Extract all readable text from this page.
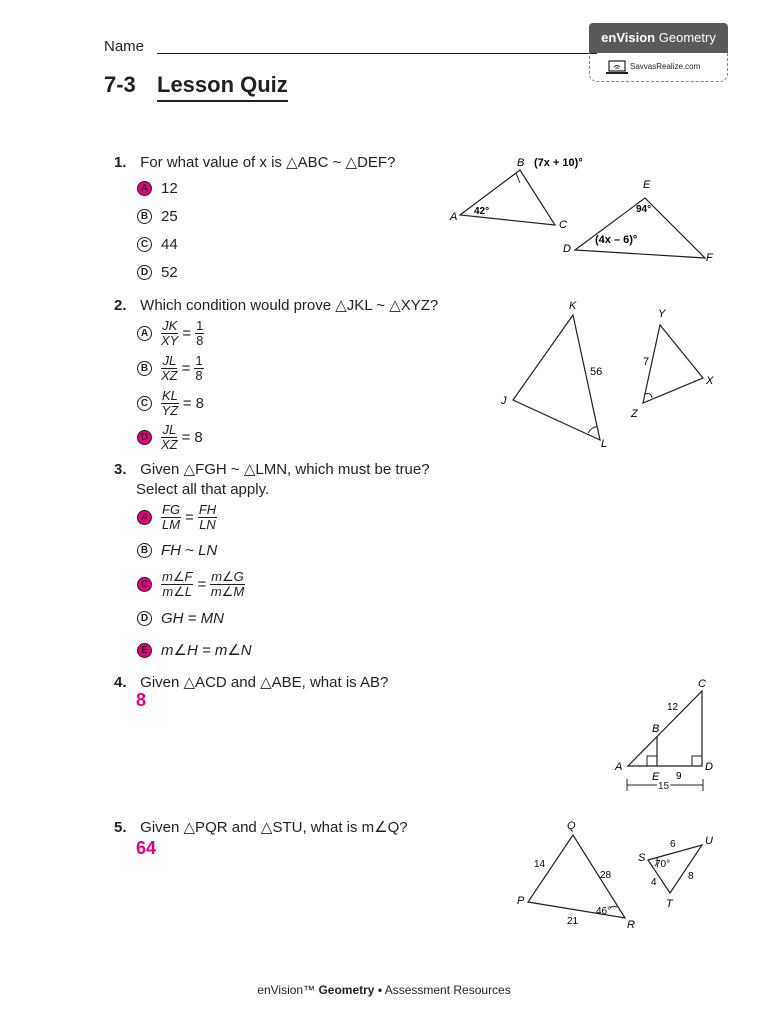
Name
enVision Geometry
SavvasRealize.com
7-3 Lesson Quiz
1. For what value of x is △ABC ~ △DEF?
A 12
B 25
C 44
D 52
B (7x + 10)°
A 42°
C
E
94°
D
(4x – 6)°
F
2. Which condition would prove △JKL ~ △XYZ?
A $\frac{JK}{XY} = \frac{1}{8}$
B $\frac{JL}{XZ} = \frac{1}{8}$
C $\frac{KL}{YZ} = 8$
D $\frac{JL}{XZ} = 8$
K
J
L
56
Y
Z
X
7
3. Given △FGH ~ △LMN, which must be true?
Select all that apply.
A $\frac{FG}{LM} = \frac{FH}{LN}$
B FH ~ LN
C $\frac{m\angle F}{m\angle L} = \frac{m\angle G}{m\angle M}$
D GH = MN
E m∠H = m∠N
4. Given △ACD and △ABE, what is AB?
8
C
B
A
E
D
12
9
15
5. Given △PQR and △STU, what is m∠Q?
64
Q
P
R
14
28
21
46°
S
U
T
6
4
8
70°
enVision™ Geometry • Assessment Resources
